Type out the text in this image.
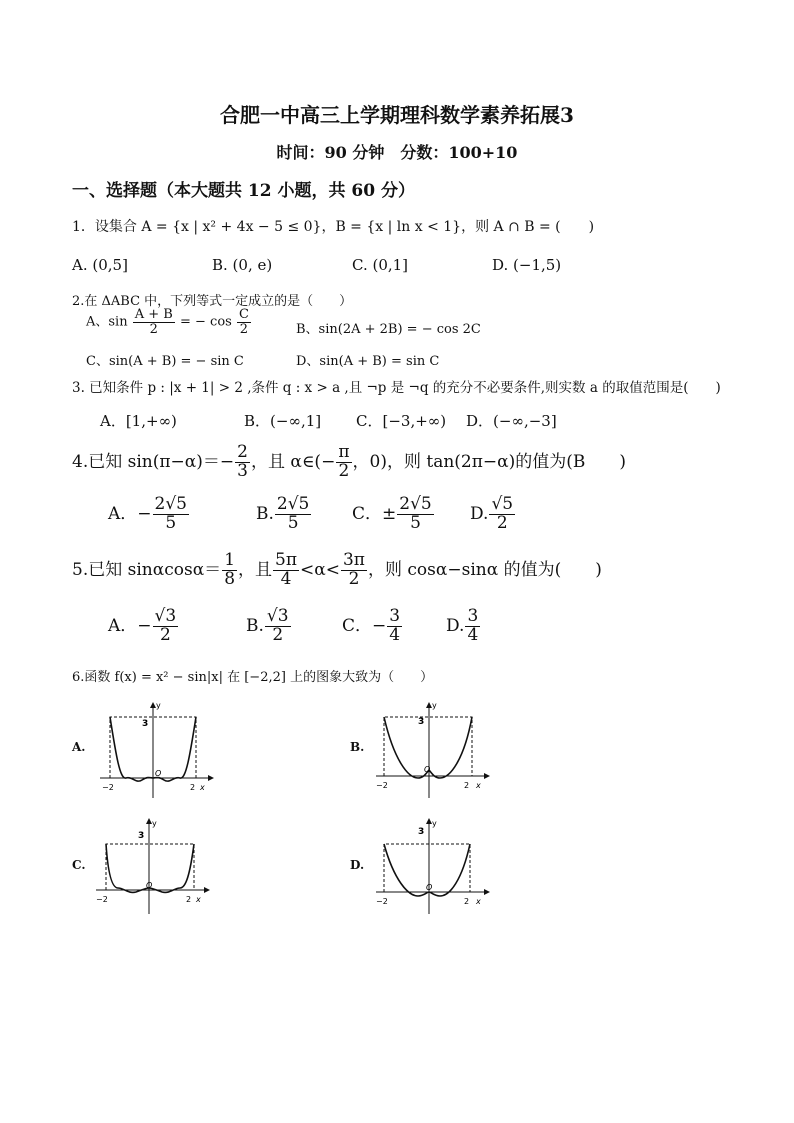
合肥一中高三上学期理科数学素养拓展3
时间：90 分钟　分数：100+10
一、选择题（本大题共 12 小题，共 60 分）
1．设集合 A = {x | x² + 4x − 5 ≤ 0}，B = {x | ln x < 1}，则 A ∩ B = (　　)
A. (0,5]	B. (0, e)	C. (0,1]	D. (−1,5)
2.在 ΔABC 中，下列等式一定成立的是（　　）
A、$\sin \frac{A + B}{2}$ = − $\cos \frac{C}{2}$	B、sin(2A + 2B) = − cos 2C
C、sin(A + B) = − sin C	D、sin(A + B) = sin C
3. 已知条件 p : |x + 1| > 2 ,条件 q : x > a ,且 ¬p 是 ¬q 的充分不必要条件,则实数 a 的取值范围是(　　)
A．[1,+∞)	B．(−∞,1] C．[−3,+∞) D．(−∞,−3]
4.已知 $\sin(\pi-\alpha)=- \frac{2}{3}$ ，且 α∈(− $\frac{\pi}{2}$ ，0)，则 tan(2π−α)的值为(B　　)
A．− $\frac{2√5}{5}$	B. $\frac{2√5}{5}$ C．± $\frac{2√5}{5} D$. $\frac{√5}{2}$
5.已知 $\sin\alpha\cos\alpha= \frac{1}{8}$ ，且 $\frac{5\pi}{4} <\alpha< \frac{3\pi}{2}$ ，则 cosα−sinα 的值为(　　)
A．− $\frac{√3}{2}$	B. $\frac{√3}{2}$	C．− $\frac{3}{4}$	D. $\frac{3}{4}$
6.函数 f(x) = x² − sin|x| 在 [−2,2] 上的图象大致为（　　）
A.	B.
C.	D.
y
3
O
−2	2 x
y
3
O
−2	2 x
y
3
O
−2	2 x
y
3
O
−2	2 x
